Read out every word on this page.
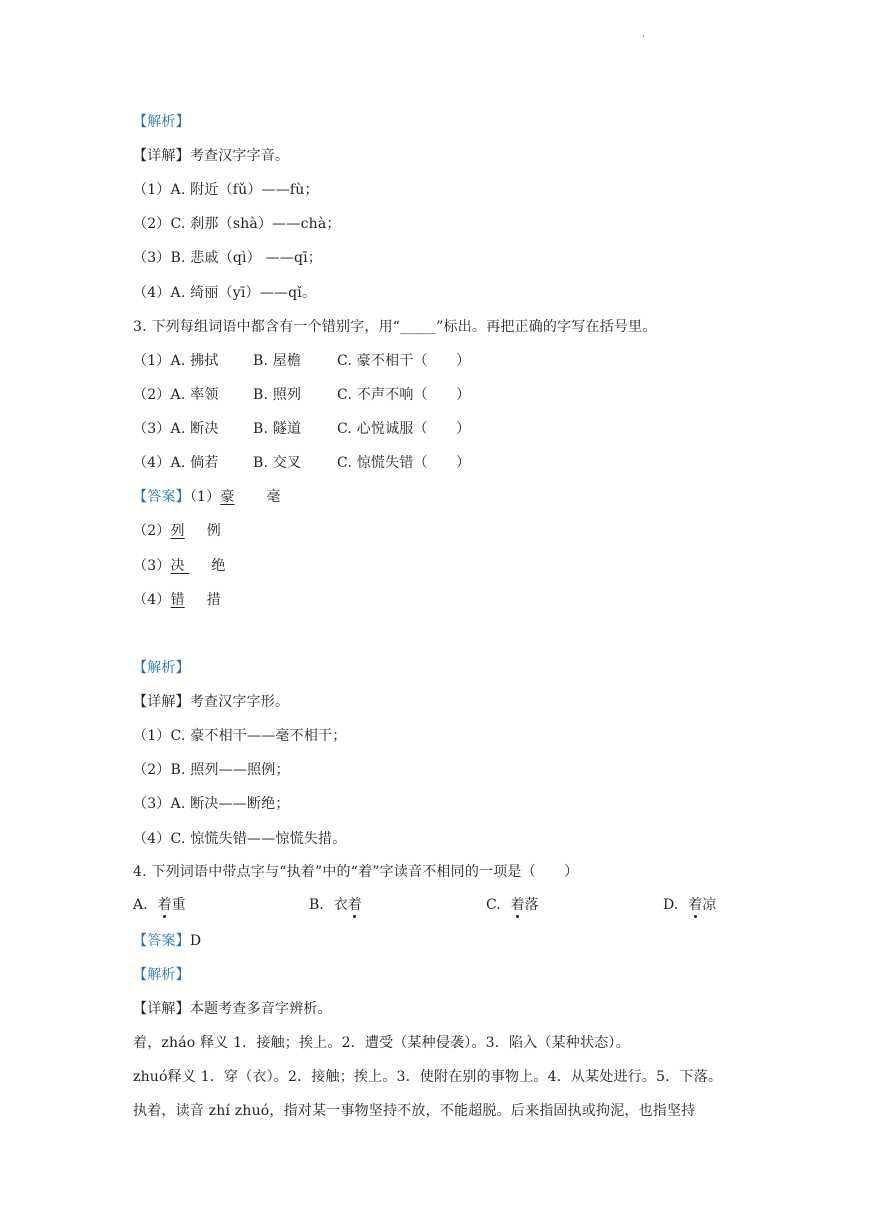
·
【解析】
【详解】考查汉字字音。
（1）A. 附近（fǔ）——fù；
（2）C. 刹那（shà）——chà；
（3）B. 悲戚（qì） ——qī；
（4）A. 绮丽（yī）——qǐ。
3. 下列每组词语中都含有一个错别字，用“_____”标出。再把正确的字写在括号里。
（1）A. 拂拭 B. 屋檐	C. 豪不相干（　　）
（2）A. 率领 B. 照列	C. 不声不响（　　）
（3）A. 断决 B. 隧道	C. 心悦诚服（　　）
（4）A. 倘若 B. 交叉	C. 惊慌失错（　　）
【答案】（1）豪 毫
（2）列 例
（3）决 绝
（4）错 措
【解析】
【详解】考查汉字字形。
（1）C. 豪不相干——毫不相干；
（2）B. 照列——照例；
（3）A. 断决——断绝；
（4）C. 惊慌失错——惊慌失措。
4. 下列词语中带点字与“执着”中的“着”字读音不相同的一项是（　　）
A. 着重	B. 衣着	C. 着落	D. 着凉
【答案】D
【解析】
【详解】本题考查多音字辨析。
着，zháo 释义 1．接触；挨上。2．遭受（某种侵袭）。3．陷入（某种状态）。
zhuó释义 1．穿（衣）。2．接触；挨上。3．使附在别的事物上。4．从某处进行。5．下落。
执着，读音 zhí zhuó，指对某一事物坚持不放，不能超脱。后来指固执或拘泥，也指坚持
